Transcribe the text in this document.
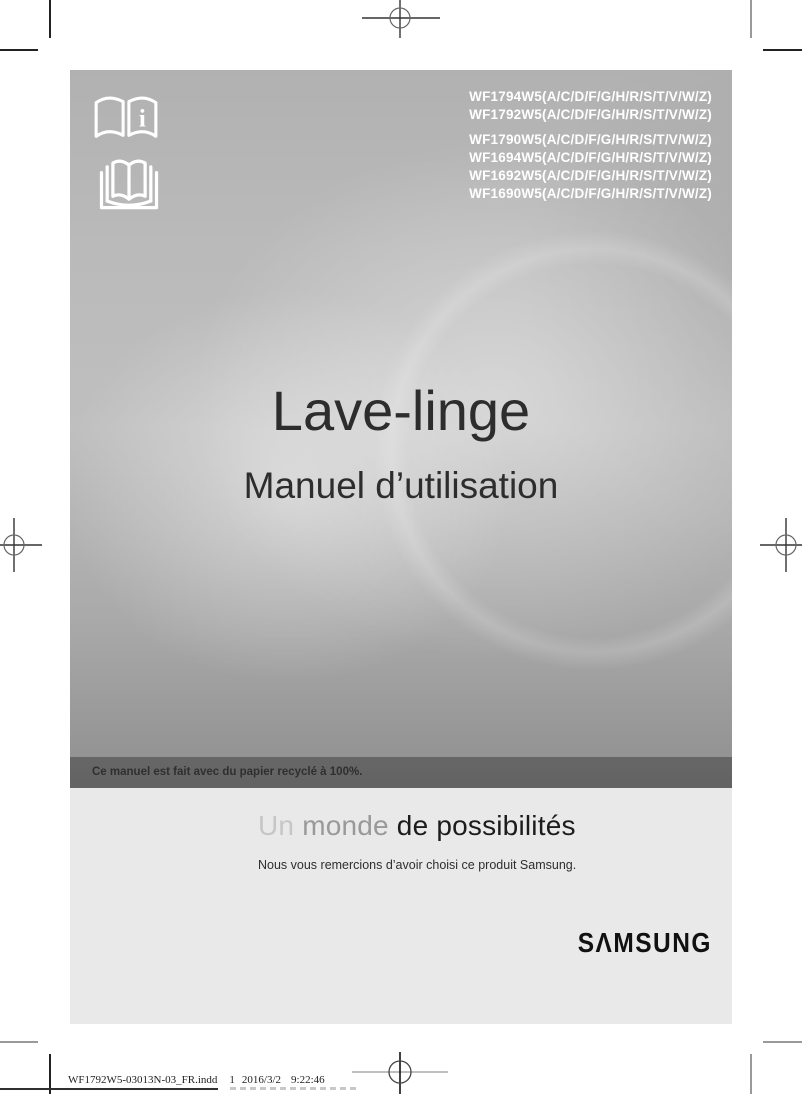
i
WF1794W5(A/C/D/F/G/H/R/S/T/V/W/Z)
WF1792W5(A/C/D/F/G/H/R/S/T/V/W/Z)
WF1790W5(A/C/D/F/G/H/R/S/T/V/W/Z)
WF1694W5(A/C/D/F/G/H/R/S/T/V/W/Z)
WF1692W5(A/C/D/F/G/H/R/S/T/V/W/Z)
WF1690W5(A/C/D/F/G/H/R/S/T/V/W/Z)
Lave-linge
Manuel d’utilisation
Ce manuel est fait avec du papier recyclé à 100%.
Un monde de possibilités
Nous vous remercions d’avoir choisi ce produit Samsung.
SΛMSUNG
WF1792W5-03013N-03_FR.indd 1 2016/3/2 9:22:46
